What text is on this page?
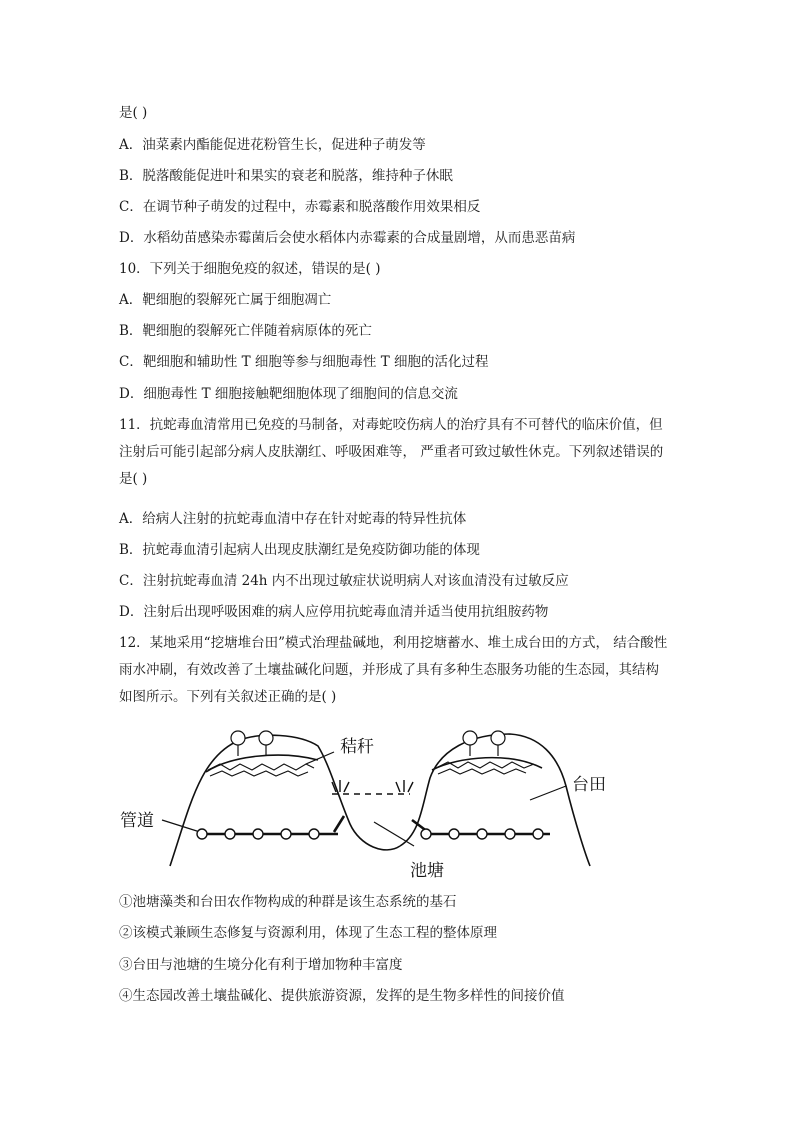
是( )
A．油菜素内酯能促进花粉管生长，促进种子萌发等
B．脱落酸能促进叶和果实的衰老和脱落，维持种子休眠
C．在调节种子萌发的过程中，赤霉素和脱落酸作用效果相反
D．水稻幼苗感染赤霉菌后会使水稻体内赤霉素的合成量剧增，从而患恶苗病
10．下列关于细胞免疫的叙述，错误的是( )
A．靶细胞的裂解死亡属于细胞凋亡
B．靶细胞的裂解死亡伴随着病原体的死亡
C．靶细胞和辅助性 T 细胞等参与细胞毒性 T 细胞的活化过程
D．细胞毒性 T 细胞接触靶细胞体现了细胞间的信息交流
11．抗蛇毒血清常用已免疫的马制备，对毒蛇咬伤病人的治疗具有不可替代的临床价值，但
注射后可能引起部分病人皮肤潮红、呼吸困难等， 严重者可致过敏性休克。下列叙述错误的
是( )
A．给病人注射的抗蛇毒血清中存在针对蛇毒的特异性抗体
B．抗蛇毒血清引起病人出现皮肤潮红是免疫防御功能的体现
C．注射抗蛇毒血清 24h 内不出现过敏症状说明病人对该血清没有过敏反应
D．注射后出现呼吸困难的病人应停用抗蛇毒血清并适当使用抗组胺药物
12．某地采用“挖塘堆台田”模式治理盐碱地，利用挖塘蓄水、堆土成台田的方式， 结合酸性
雨水冲刷，有效改善了土壤盐碱化问题，并形成了具有多种生态服务功能的生态园，其结构
如图所示。下列有关叙述正确的是( )
秸秆
台田
管道
池塘
①池塘藻类和台田农作物构成的种群是该生态系统的基石
②该模式兼顾生态修复与资源利用，体现了生态工程的整体原理
③台田与池塘的生境分化有利于增加物种丰富度
④生态园改善土壤盐碱化、提供旅游资源，发挥的是生物多样性的间接价值
